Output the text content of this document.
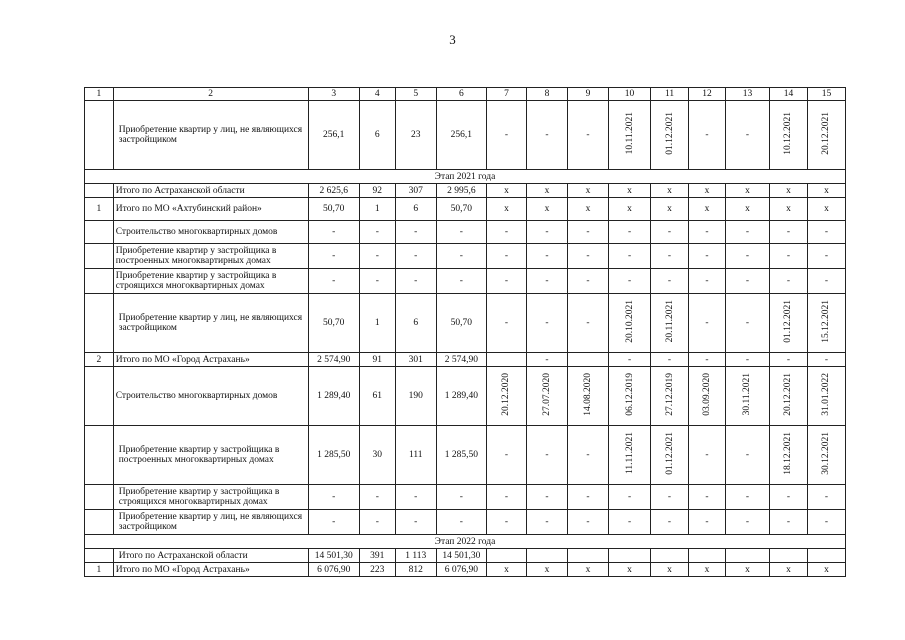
3
1	2	3	4	5	6	7	8	9	10	11	12	13	14	15
	Приобретение квартир у лиц, не являющихся застройщиком	256,1	6	23	256,1	-	-	-	10.11.2021	01.12.2021	-	-	10.12.2021	20.12.2021
Этап 2021 года														
	Итого по Астраханской области	2 625,6	92	307	2 995,6	x	x	x	x	x	x	x	x	x
1	Итого по МО «Ахтубинский район»	50,70	1	6	50,70	x	x	x	x	x	x	x	x	x
	Строительство многоквартирных домов	-	-	-	-	-	-	-	-	-	-	-	-	-
	Приобретение квартир у застройщика в построенных многоквартирных домах	-	-	-	-	-	-	-	-	-	-	-	-	-
	Приобретение квартир у застройщика в строящихся многоквартирных домах	-	-	-	-	-	-	-	-	-	-	-	-	-
	Приобретение квартир у лиц, не являющихся застройщиком	50,70	1	6	50,70	-	-	-	20.10.2021	20.11.2021	-	-	01.12.2021	15.12.2021
2	Итого по МО «Город Астрахань»	2 574,90	91	301	2 574,90		-		-	-	-	-	-	-
	Строительство многоквартирных домов	1 289,40	61	190	1 289,40	20.12.2020	27.07.2020	14.08.2020	06.12.2019	27.12.2019	03.09.2020	30.11.2021	20.12.2021	31.01.2022
	Приобретение квартир у застройщика в построенных многоквартирных домах	1 285,50	30	111	1 285,50	-	-	-	11.11.2021	01.12.2021	-	-	18.12.2021	30.12.2021
	Приобретение квартир у застройщика в строящихся многоквартирных домах	-	-	-	-	-	-	-	-	-	-	-	-	-
	Приобретение квартир у лиц, не являющихся застройщиком	-	-	-	-	-	-	-	-	-	-	-	-	-
Этап 2022 года														
	Итого по Астраханской области	14 501,30	391	1 113	14 501,30									
1	Итого по МО «Город Астрахань»	6 076,90	223	812	6 076,90	x	x	x	x	x	x	x	x	x
